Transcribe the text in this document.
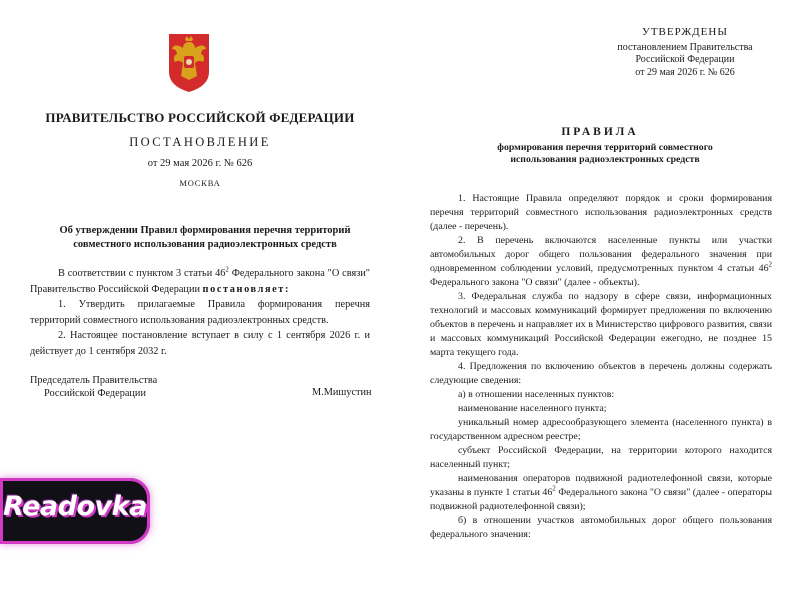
ПРАВИТЕЛЬСТВО РОССИЙСКОЙ ФЕДЕРАЦИИ
ПОСТАНОВЛЕНИЕ
от 29 мая 2026 г. № 626
МОСКВА
Об утверждении Правил формирования перечня территорий
совместного использования радиоэлектронных средств

В соответствии с пунктом 3 статьи $46^2$ Федерального закона "О связи" Правительство Российской Федерации постановляет:

1. Утвердить прилагаемые Правила формирования перечня территорий совместного использования радиоэлектронных средств.

2. Настоящее постановление вступает в силу с 1 сентября 2026 г. и действует до 1 сентября 2032 г.

Председатель Правительства
Российской Федерации	М.Мишустин
УТВЕРЖДЕНЫ
постановлением Правительства
Российской Федерации
от 29 мая 2026 г. № 626
ПРАВИЛА
формирования перечня территорий совместного
использования радиоэлектронных средств

1. Настоящие Правила определяют порядок и сроки формирования перечня территорий совместного использования радиоэлектронных средств (далее - перечень).

2. В перечень включаются населенные пункты или участки автомобильных дорог общего пользования федерального значения при одновременном соблюдении условий, предусмотренных пунктом 4 статьи $46^2$ Федерального закона "О связи" (далее - объекты).

3. Федеральная служба по надзору в сфере связи, информационных технологий и массовых коммуникаций формирует предложения по включению объектов в перечень и направляет их в Министерство цифрового развития, связи и массовых коммуникаций Российской Федерации ежегодно, не позднее 15 марта текущего года.

4. Предложения по включению объектов в перечень должны содержать следующие сведения:

а) в отношении населенных пунктов:

наименование населенного пункта;

уникальный номер адресообразующего элемента (населенного пункта) в государственном адресном реестре;

субъект Российской Федерации, на территории которого находится населенный пункт;

наименования операторов подвижной радиотелефонной связи, которые указаны в пункте 1 статьи $46^2$ Федерального закона "О связи" (далее - операторы подвижной радиотелефонной связи);

б) в отношении участков автомобильных дорог общего пользования федерального значения:

Readovka
